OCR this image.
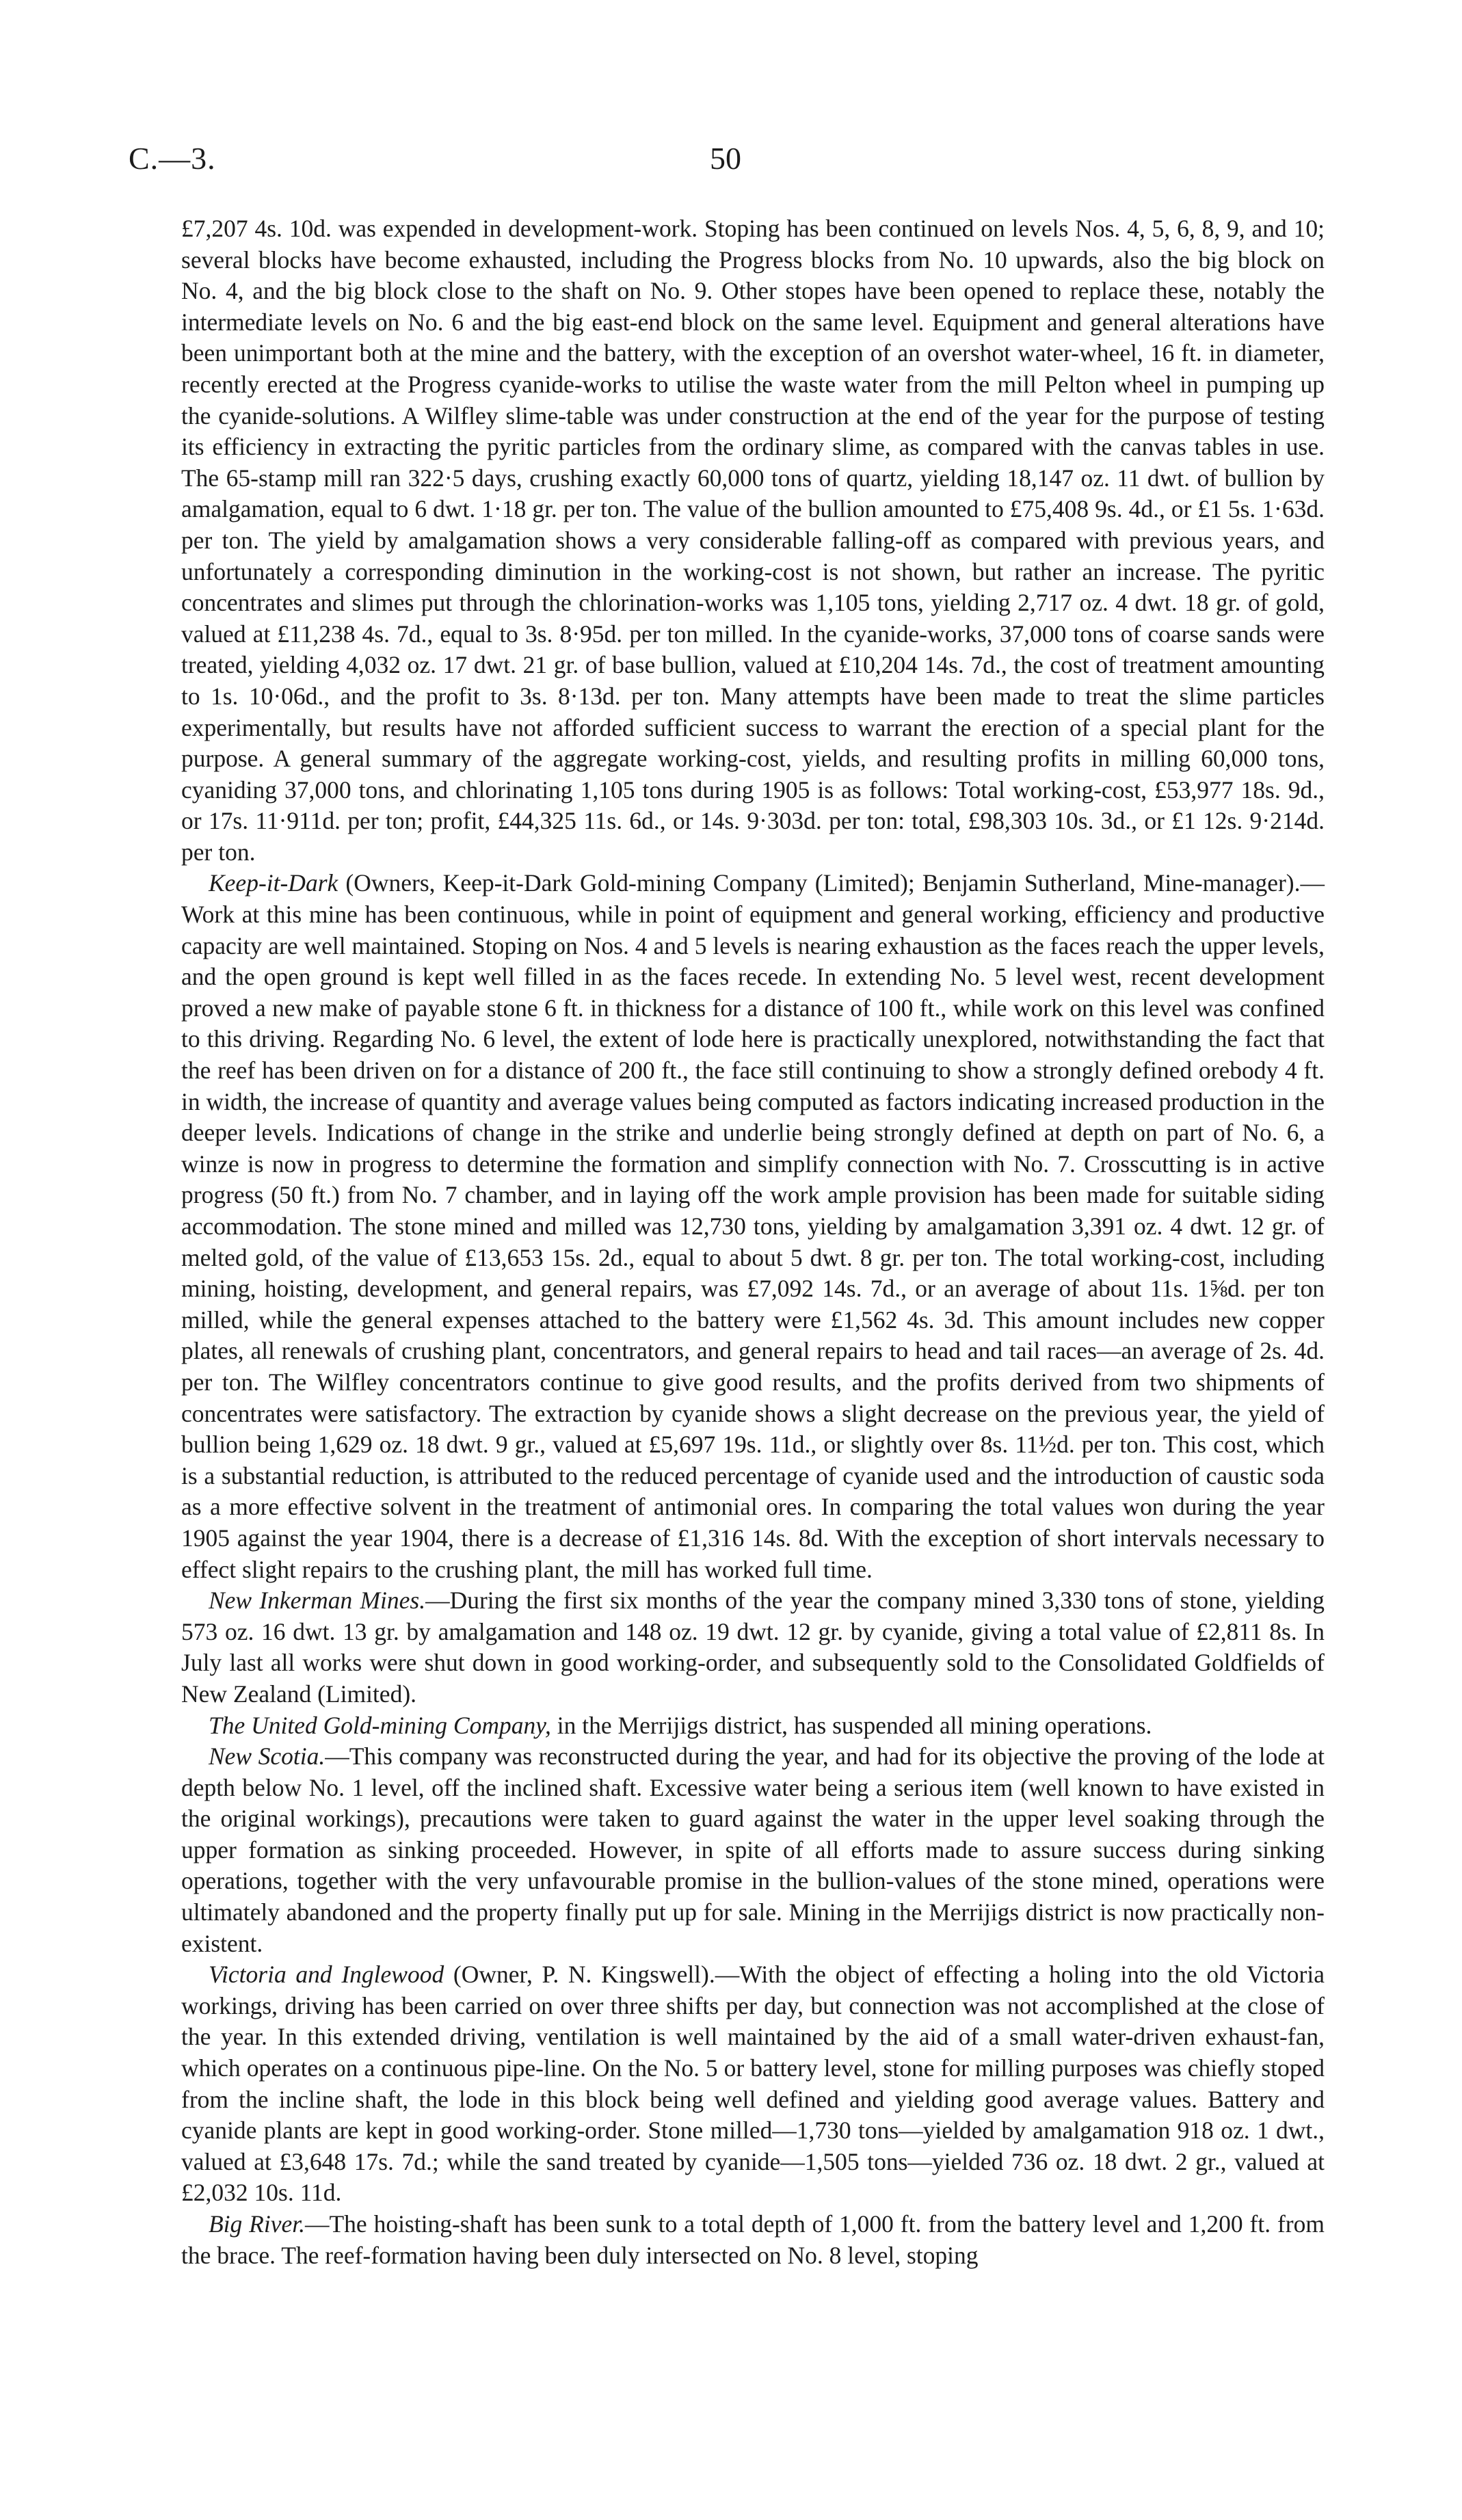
C.—3.	50

£7,207 4s. 10d. was expended in development-work. Stoping has been continued on levels Nos. 4, 5, 6, 8, 9, and 10; several blocks have become exhausted, including the Progress blocks from No. 10 upwards, also the big block on No. 4, and the big block close to the shaft on No. 9. Other stopes have been opened to replace these, notably the intermediate levels on No. 6 and the big east-end block on the same level. Equipment and general alterations have been unimportant both at the mine and the battery, with the exception of an overshot water-wheel, 16 ft. in diameter, recently erected at the Progress cyanide-works to utilise the waste water from the mill Pelton wheel in pumping up the cyanide-solutions. A Wilfley slime-table was under construction at the end of the year for the purpose of testing its efficiency in extracting the pyritic particles from the ordinary slime, as compared with the canvas tables in use. The 65-stamp mill ran 322·5 days, crushing exactly 60,000 tons of quartz, yielding 18,147 oz. 11 dwt. of bullion by amalgamation, equal to 6 dwt. 1·18 gr. per ton. The value of the bullion amounted to £75,408 9s. 4d., or £1 5s. 1·63d. per ton. The yield by amalgamation shows a very considerable falling-off as compared with previous years, and unfortunately a corresponding diminution in the working-cost is not shown, but rather an increase. The pyritic concentrates and slimes put through the chlorination-works was 1,105 tons, yielding 2,717 oz. 4 dwt. 18 gr. of gold, valued at £11,238 4s. 7d., equal to 3s. 8·95d. per ton milled. In the cyanide-works, 37,000 tons of coarse sands were treated, yielding 4,032 oz. 17 dwt. 21 gr. of base bullion, valued at £10,204 14s. 7d., the cost of treatment amounting to 1s. 10·06d., and the profit to 3s. 8·13d. per ton. Many attempts have been made to treat the slime particles experimentally, but results have not afforded sufficient success to warrant the erection of a special plant for the purpose. A general summary of the aggregate working-cost, yields, and resulting profits in milling 60,000 tons, cyaniding 37,000 tons, and chlorinating 1,105 tons during 1905 is as follows: Total working-cost, £53,977 18s. 9d., or 17s. 11·911d. per ton; profit, £44,325 11s. 6d., or 14s. 9·303d. per ton: total, £98,303 10s. 3d., or £1 12s. 9·214d. per ton.

Keep-it-Dark (Owners, Keep-it-Dark Gold-mining Company (Limited); Benjamin Sutherland, Mine-manager).—Work at this mine has been continuous, while in point of equipment and general working, efficiency and productive capacity are well maintained. Stoping on Nos. 4 and 5 levels is nearing exhaustion as the faces reach the upper levels, and the open ground is kept well filled in as the faces recede. In extending No. 5 level west, recent development proved a new make of payable stone 6 ft. in thickness for a distance of 100 ft., while work on this level was confined to this driving. Regarding No. 6 level, the extent of lode here is practically unexplored, notwithstanding the fact that the reef has been driven on for a distance of 200 ft., the face still continuing to show a strongly defined orebody 4 ft. in width, the increase of quantity and average values being computed as factors indicating increased production in the deeper levels. Indications of change in the strike and underlie being strongly defined at depth on part of No. 6, a winze is now in progress to determine the formation and simplify connection with No. 7. Crosscutting is in active progress (50 ft.) from No. 7 chamber, and in laying off the work ample provision has been made for suitable siding accommodation. The stone mined and milled was 12,730 tons, yielding by amalgamation 3,391 oz. 4 dwt. 12 gr. of melted gold, of the value of £13,653 15s. 2d., equal to about 5 dwt. 8 gr. per ton. The total working-cost, including mining, hoisting, development, and general repairs, was £7,092 14s. 7d., or an average of about 11s. 1⅝d. per ton milled, while the general expenses attached to the battery were £1,562 4s. 3d. This amount includes new copper plates, all renewals of crushing plant, concentrators, and general repairs to head and tail races—an average of 2s. 4d. per ton. The Wilfley concentrators continue to give good results, and the profits derived from two shipments of concentrates were satisfactory. The extraction by cyanide shows a slight decrease on the previous year, the yield of bullion being 1,629 oz. 18 dwt. 9 gr., valued at £5,697 19s. 11d., or slightly over 8s. 11½d. per ton. This cost, which is a substantial reduction, is attributed to the reduced percentage of cyanide used and the introduction of caustic soda as a more effective solvent in the treatment of antimonial ores. In comparing the total values won during the year 1905 against the year 1904, there is a decrease of £1,316 14s. 8d. With the exception of short intervals necessary to effect slight repairs to the crushing plant, the mill has worked full time.

New Inkerman Mines.—During the first six months of the year the company mined 3,330 tons of stone, yielding 573 oz. 16 dwt. 13 gr. by amalgamation and 148 oz. 19 dwt. 12 gr. by cyanide, giving a total value of £2,811 8s. In July last all works were shut down in good working-order, and subsequently sold to the Consolidated Goldfields of New Zealand (Limited).

The United Gold-mining Company, in the Merrijigs district, has suspended all mining operations.

New Scotia.—This company was reconstructed during the year, and had for its objective the proving of the lode at depth below No. 1 level, off the inclined shaft. Excessive water being a serious item (well known to have existed in the original workings), precautions were taken to guard against the water in the upper level soaking through the upper formation as sinking proceeded. However, in spite of all efforts made to assure success during sinking operations, together with the very unfavourable promise in the bullion-values of the stone mined, operations were ultimately abandoned and the property finally put up for sale. Mining in the Merrijigs district is now practically non-existent.

Victoria and Inglewood (Owner, P. N. Kingswell).—With the object of effecting a holing into the old Victoria workings, driving has been carried on over three shifts per day, but connection was not accomplished at the close of the year. In this extended driving, ventilation is well maintained by the aid of a small water-driven exhaust-fan, which operates on a continuous pipe-line. On the No. 5 or battery level, stone for milling purposes was chiefly stoped from the incline shaft, the lode in this block being well defined and yielding good average values. Battery and cyanide plants are kept in good working-order. Stone milled—1,730 tons—yielded by amalgamation 918 oz. 1 dwt., valued at £3,648 17s. 7d.; while the sand treated by cyanide—1,505 tons—yielded 736 oz. 18 dwt. 2 gr., valued at £2,032 10s. 11d.

Big River.—The hoisting-shaft has been sunk to a total depth of 1,000 ft. from the battery level and 1,200 ft. from the brace. The reef-formation having been duly intersected on No. 8 level, stoping
